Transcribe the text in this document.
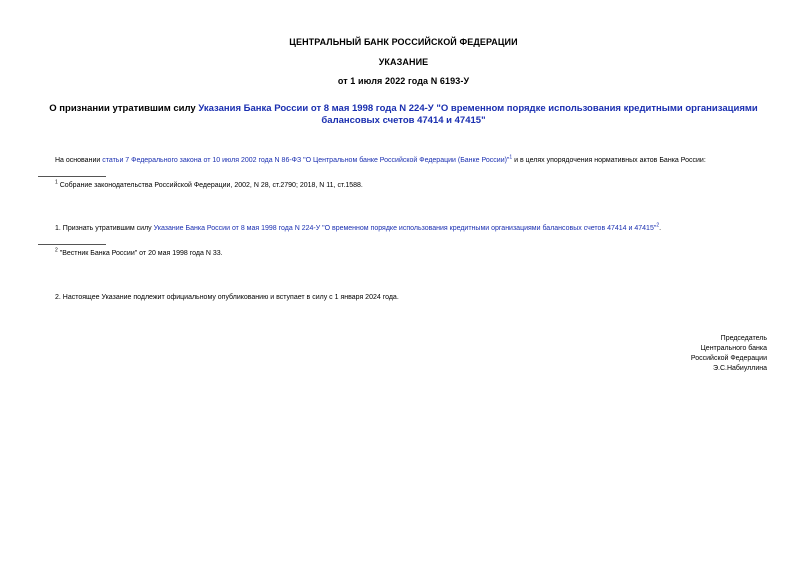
ЦЕНТРАЛЬНЫЙ БАНК РОССИЙСКОЙ ФЕДЕРАЦИИ
УКАЗАНИЕ
от 1 июля 2022 года N 6193-У
О признании утратившим силу Указания Банка России от 8 мая 1998 года N 224-У "О временном порядке использования кредитными организациями балансовых счетов 47414 и 47415"
На основании статьи 7 Федерального закона от 10 июля 2002 года N 86-ФЗ "О Центральном банке Российской Федерации (Банке России)"$^1$ и в целях упорядочения нормативных актов Банка России:
$^1$ Собрание законодательства Российской Федерации, 2002, N 28, ст.2790; 2018, N 11, ст.1588.
1. Признать утратившим силу Указание Банка России от 8 мая 1998 года N 224-У "О временном порядке использования кредитными организациями балансовых счетов 47414 и 47415"$^2$.
$^2$ "Вестник Банка России" от 20 мая 1998 года N 33.
2. Настоящее Указание подлежит официальному опубликованию и вступает в силу с 1 января 2024 года.
Председатель
Центрального банка
Российской Федерации
Э.С.Набиуллина
